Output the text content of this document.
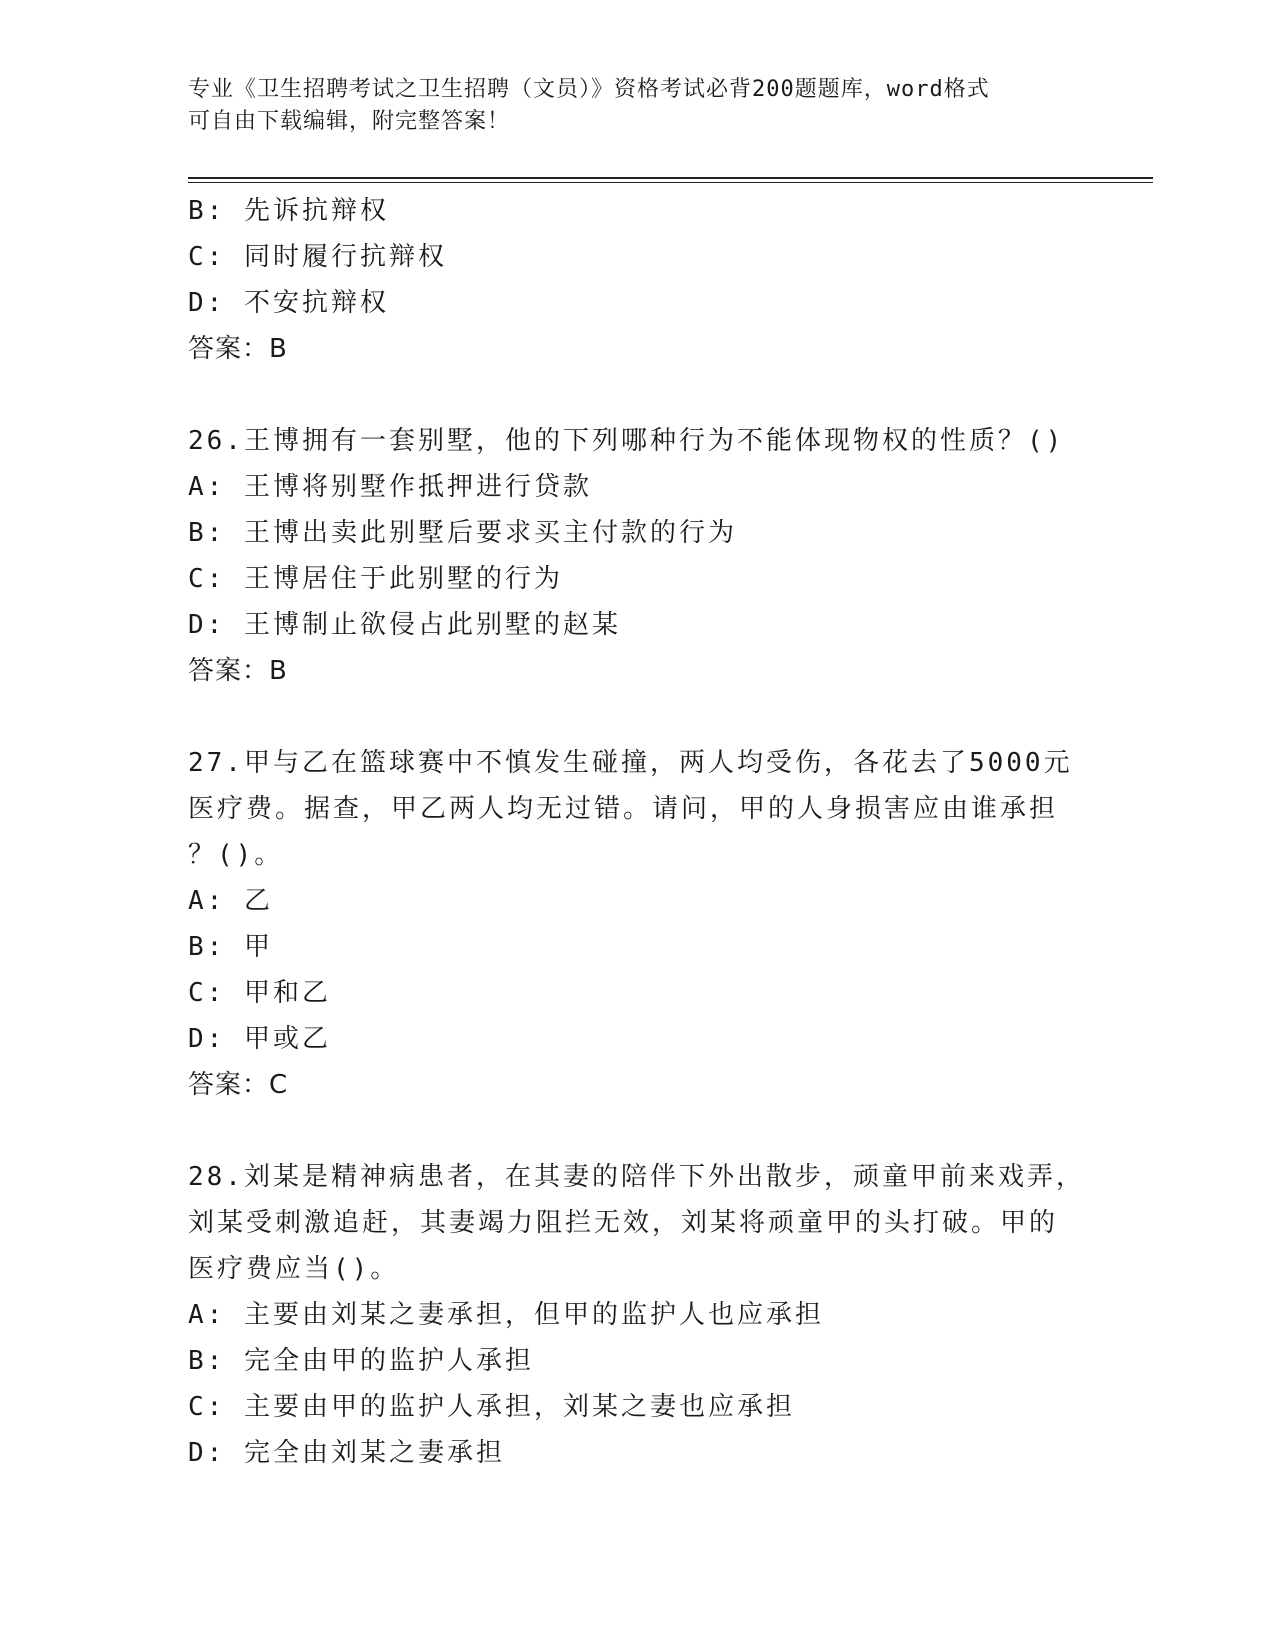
专业《卫生招聘考试之卫生招聘（文员）》资格考试必背200题题库，word格式
可自由下载编辑，附完整答案！
B: 先诉抗辩权
C: 同时履行抗辩权
D: 不安抗辩权
答案：B
26.王博拥有一套别墅，他的下列哪种行为不能体现物权的性质？()
A: 王博将别墅作抵押进行贷款
B: 王博出卖此别墅后要求买主付款的行为
C: 王博居住于此别墅的行为
D: 王博制止欲侵占此别墅的赵某
答案：B
27.甲与乙在篮球赛中不慎发生碰撞，两人均受伤，各花去了5000元
医疗费。据查，甲乙两人均无过错。请问，甲的人身损害应由谁承担
？()。
A: 乙
B: 甲
C: 甲和乙
D: 甲或乙
答案：C
28.刘某是精神病患者，在其妻的陪伴下外出散步，顽童甲前来戏弄，
刘某受刺激追赶，其妻竭力阻拦无效，刘某将顽童甲的头打破。甲的
医疗费应当()。
A: 主要由刘某之妻承担，但甲的监护人也应承担
B: 完全由甲的监护人承担
C: 主要由甲的监护人承担，刘某之妻也应承担
D: 完全由刘某之妻承担
